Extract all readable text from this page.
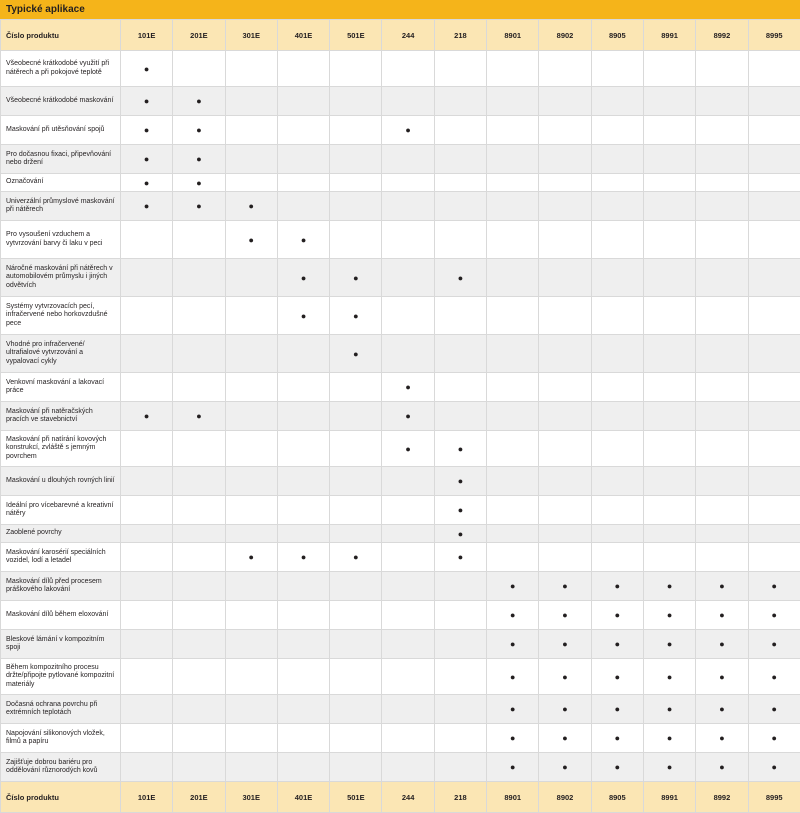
Typické aplikace
Číslo produktu	101E	201E	301E	401E	501E	244	218	8901	8902	8905	8991	8992	8995
Všeobecné krátkodobé využití při nátěrech a při pokojové teplotě	●												
Všeobecné krátkodobé maskování	●	●											
Maskování při utěsňování spojů	●	●				●							
Pro dočasnou fixaci, připevňování nebo držení	●	●											
Označování	●	●											
Univerzální průmyslové maskování při nátěrech	●	●	●										
Pro vysoušení vzduchem a vytvrzování barvy či laku v peci			●	●									
Náročné maskování při nátěrech v automobilovém průmyslu i jiných odvětvích				●	●		●						
Systémy vytvrzovacích pecí, infračervené nebo horkovzdušné pece				●	●								
Vhodné pro infračervené/ ultrafialové vytvrzování a vypalovací cykly					●								
Venkovní maskování a lakovací práce						●							
Maskování při natěračských pracích ve stavebnictví	●	●				●							
Maskování při natírání kovových konstrukcí, zvláště s jemným povrchem						●	●						
Maskování u dlouhých rovných linií							●						
Ideální pro vícebarevné a kreativní nátěry							●						
Zaoblené povrchy							●						
Maskování karosérií speciálních vozidel, lodí a letadel			●	●	●		●						
Maskování dílů před procesem práškového lakování								●	●	●	●	●	●
Maskování dílů během eloxování								●	●	●	●	●	●
Bleskové lámání v kompozitním spoji								●	●	●	●	●	●
Během kompozitního procesu držte/připojte pytlované kompozitní materiály								●	●	●	●	●	●
Dočasná ochrana povrchu při extrémních teplotách								●	●	●	●	●	●
Napojování silikonových vložek, filmů a papíru								●	●	●	●	●	●
Zajišťuje dobrou bariéru pro oddělování různorodých kovů								●	●	●	●	●	●
Číslo produktu	101E	201E	301E	401E	501E	244	218	8901	8902	8905	8991	8992	8995
